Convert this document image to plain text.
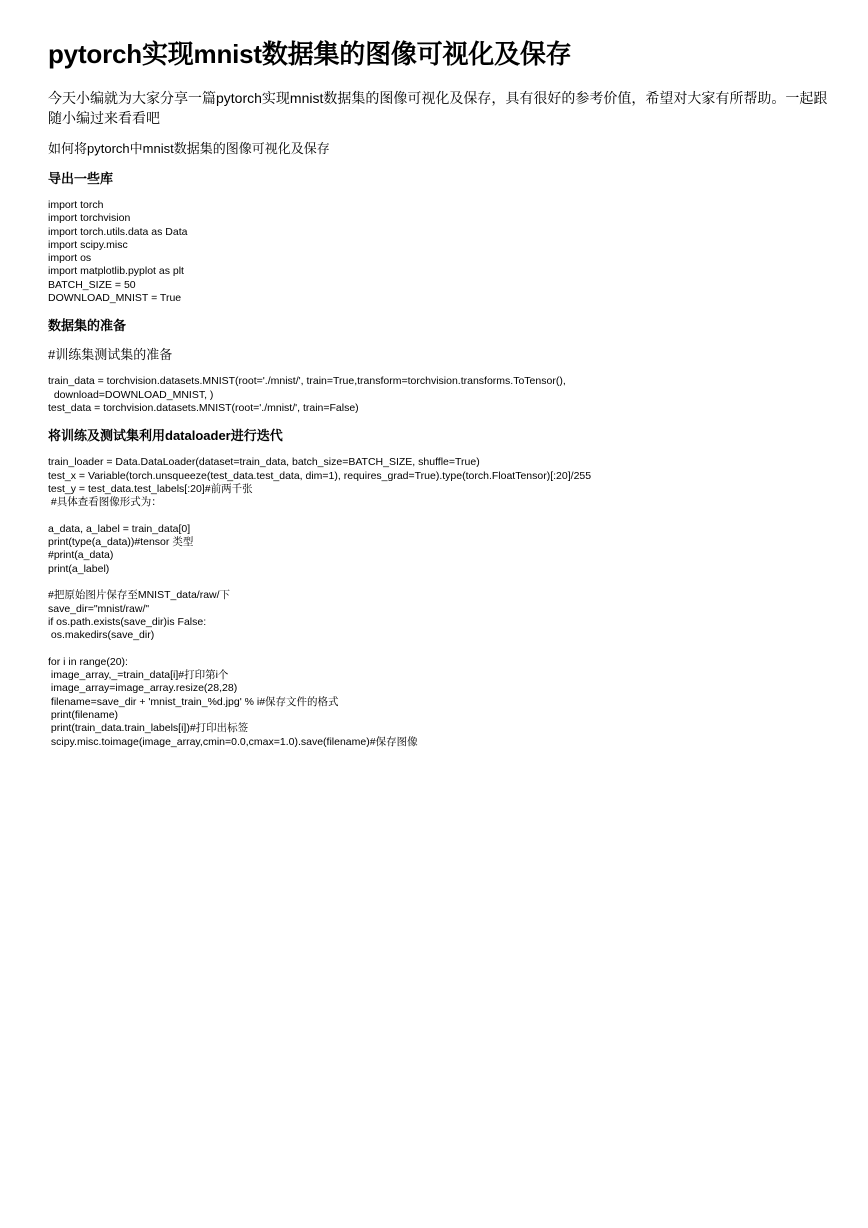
pytorch实现mnist数据集的图像可视化及保存

今天小编就为大家分享一篇pytorch实现mnist数据集的图像可视化及保存，具有很好的参考价值，希望对大家有所帮助。一起跟随小编过来看看吧

如何将pytorch中mnist数据集的图像可视化及保存

导出一些库
import torch
import torchvision
import torch.utils.data as Data
import scipy.misc
import os
import matplotlib.pyplot as plt
BATCH_SIZE = 50
DOWNLOAD_MNIST = True
数据集的准备
#训练集测试集的准备
train_data = torchvision.datasets.MNIST(root='./mnist/', train=True,transform=torchvision.transforms.ToTensor(),
download=DOWNLOAD_MNIST, )
test_data = torchvision.datasets.MNIST(root='./mnist/', train=False)
将训练及测试集利用dataloader进行迭代
train_loader = Data.DataLoader(dataset=train_data, batch_size=BATCH_SIZE, shuffle=True)
test_x = Variable(torch.unsqueeze(test_data.test_data, dim=1), requires_grad=True).type(torch.FloatTensor)[:20]/255
test_y = test_data.test_labels[:20]#前两千张
#具体查看图像形式为：
a_data, a_label = train_data[0]
print(type(a_data))#tensor 类型
#print(a_data)
print(a_label)
#把原始图片保存至MNIST_data/raw/下
save_dir="mnist/raw/"
if os.path.exists(save_dir)is False:
os.makedirs(save_dir)
for i in range(20):
image_array,_=train_data[i]#打印第i个
image_array=image_array.resize(28,28)
filename=save_dir + 'mnist_train_%d.jpg' % i#保存文件的格式
print(filename)
print(train_data.train_labels[i])#打印出标签
scipy.misc.toimage(image_array,cmin=0.0,cmax=1.0).save(filename)#保存图像
